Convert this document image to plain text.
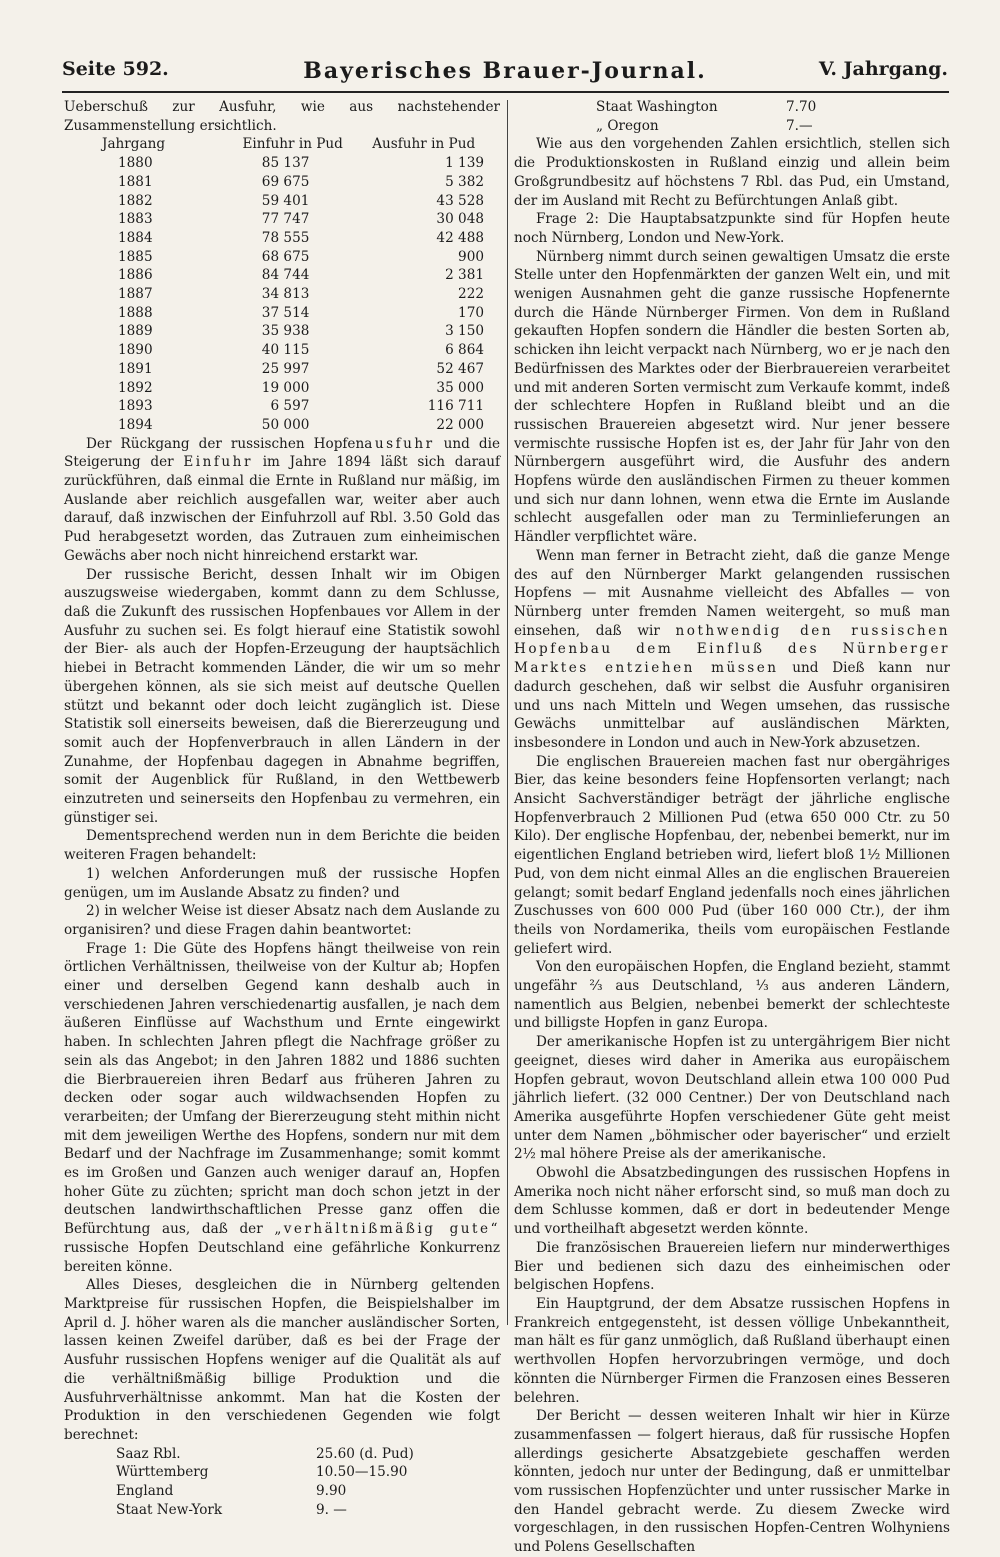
Seite 592.	Bayerisches Brauer-Journal.	V. Jahrgang.

Ueberschuß zur Ausfuhr, wie aus nachstehender Zusammenstellung ersichtlich.

Jahrgang	Einfuhr in Pud	Ausfuhr in Pud
1880	85 137	1 139
1881	69 675	5 382
1882	59 401	43 528
1883	77 747	30 048
1884	78 555	42 488
1885	68 675	900
1886	84 744	2 381
1887	34 813	222
1888	37 514	170
1889	35 938	3 150
1890	40 115	6 864
1891	25 997	52 467
1892	19 000	35 000
1893	6 597	116 711
1894	50 000	22 000

Der Rückgang der russischen Hopfenausfuhr und die Steigerung der Einfuhr im Jahre 1894 läßt sich darauf zurückführen, daß einmal die Ernte in Rußland nur mäßig, im Auslande aber reichlich ausgefallen war, weiter aber auch darauf, daß inzwischen der Einfuhrzoll auf Rbl. 3.50 Gold das Pud herabgesetzt worden, das Zutrauen zum einheimischen Gewächs aber noch nicht hinreichend erstarkt war.

Der russische Bericht, dessen Inhalt wir im Obigen auszugsweise wiedergaben, kommt dann zu dem Schlusse, daß die Zukunft des russischen Hopfenbaues vor Allem in der Ausfuhr zu suchen sei. Es folgt hierauf eine Statistik sowohl der Bier- als auch der Hopfen-Erzeugung der hauptsächlich hiebei in Betracht kommenden Länder, die wir um so mehr übergehen können, als sie sich meist auf deutsche Quellen stützt und bekannt oder doch leicht zugänglich ist. Diese Statistik soll einerseits beweisen, daß die Biererzeugung und somit auch der Hopfenverbrauch in allen Ländern in der Zunahme, der Hopfenbau dagegen in Abnahme begriffen, somit der Augenblick für Rußland, in den Wettbewerb einzutreten und seinerseits den Hopfenbau zu vermehren, ein günstiger sei.

Dementsprechend werden nun in dem Berichte die beiden weiteren Fragen behandelt:

1) welchen Anforderungen muß der russische Hopfen genügen, um im Auslande Absatz zu finden? und

2) in welcher Weise ist dieser Absatz nach dem Auslande zu organisiren? und diese Fragen dahin beantwortet:

Frage 1: Die Güte des Hopfens hängt theilweise von rein örtlichen Verhältnissen, theilweise von der Kultur ab; Hopfen einer und derselben Gegend kann deshalb auch in verschiedenen Jahren verschiedenartig ausfallen, je nach dem äußeren Einflüsse auf Wachsthum und Ernte eingewirkt haben. In schlechten Jahren pflegt die Nachfrage größer zu sein als das Angebot; in den Jahren 1882 und 1886 suchten die Bierbrauereien ihren Bedarf aus früheren Jahren zu decken oder sogar auch wildwachsenden Hopfen zu verarbeiten; der Umfang der Biererzeugung steht mithin nicht mit dem jeweiligen Werthe des Hopfens, sondern nur mit dem Bedarf und der Nachfrage im Zusammenhange; somit kommt es im Großen und Ganzen auch weniger darauf an, Hopfen hoher Güte zu züchten; spricht man doch schon jetzt in der deutschen landwirthschaftlichen Presse ganz offen die Befürchtung aus, daß der „verhältnißmäßig gute“ russische Hopfen Deutschland eine gefährliche Konkurrenz bereiten könne.

Alles Dieses, desgleichen die in Nürnberg geltenden Marktpreise für russischen Hopfen, die Beispielshalber im April d. J. höher waren als die mancher ausländischer Sorten, lassen keinen Zweifel darüber, daß es bei der Frage der Ausfuhr russischen Hopfens weniger auf die Qualität als auf die verhältnißmäßig billige Produktion und die Ausfuhrverhältnisse ankommt. Man hat die Kosten der Produktion in den verschiedenen Gegenden wie folgt berechnet:

Saaz Rbl.	25.60 (d. Pud)
Württemberg	10.50—15.90
England	9.90
Staat New-York	9. —
Staat Washington	7.70
„ Oregon	7.—

Wie aus den vorgehenden Zahlen ersichtlich, stellen sich die Produktionskosten in Rußland einzig und allein beim Großgrundbesitz auf höchstens 7 Rbl. das Pud, ein Umstand, der im Ausland mit Recht zu Befürchtungen Anlaß gibt.

Frage 2: Die Hauptabsatzpunkte sind für Hopfen heute noch Nürnberg, London und New-York.

Nürnberg nimmt durch seinen gewaltigen Umsatz die erste Stelle unter den Hopfenmärkten der ganzen Welt ein, und mit wenigen Ausnahmen geht die ganze russische Hopfenernte durch die Hände Nürnberger Firmen. Von dem in Rußland gekauften Hopfen sondern die Händler die besten Sorten ab, schicken ihn leicht verpackt nach Nürnberg, wo er je nach den Bedürfnissen des Marktes oder der Bierbrauereien verarbeitet und mit anderen Sorten vermischt zum Verkaufe kommt, indeß der schlechtere Hopfen in Rußland bleibt und an die russischen Brauereien abgesetzt wird. Nur jener bessere vermischte russische Hopfen ist es, der Jahr für Jahr von den Nürnbergern ausgeführt wird, die Ausfuhr des andern Hopfens würde den ausländischen Firmen zu theuer kommen und sich nur dann lohnen, wenn etwa die Ernte im Auslande schlecht ausgefallen oder man zu Terminlieferungen an Händler verpflichtet wäre.

Wenn man ferner in Betracht zieht, daß die ganze Menge des auf den Nürnberger Markt gelangenden russischen Hopfens — mit Ausnahme vielleicht des Abfalles — von Nürnberg unter fremden Namen weitergeht, so muß man einsehen, daß wir nothwendig den russischen Hopfenbau dem Einfluß des Nürnberger Marktes entziehen müssen und Dieß kann nur dadurch geschehen, daß wir selbst die Ausfuhr organisiren und uns nach Mitteln und Wegen umsehen, das russische Gewächs unmittelbar auf ausländischen Märkten, insbesondere in London und auch in New-York abzusetzen.

Die englischen Brauereien machen fast nur obergähriges Bier, das keine besonders feine Hopfensorten verlangt; nach Ansicht Sachverständiger beträgt der jährliche englische Hopfenverbrauch 2 Millionen Pud (etwa 650 000 Ctr. zu 50 Kilo). Der englische Hopfenbau, der, nebenbei bemerkt, nur im eigentlichen England betrieben wird, liefert bloß 1½ Millionen Pud, von dem nicht einmal Alles an die englischen Brauereien gelangt; somit bedarf England jedenfalls noch eines jährlichen Zuschusses von 600 000 Pud (über 160 000 Ctr.), der ihm theils von Nordamerika, theils vom europäischen Festlande geliefert wird.

Von den europäischen Hopfen, die England bezieht, stammt ungefähr ⅔ aus Deutschland, ⅓ aus anderen Ländern, namentlich aus Belgien, nebenbei bemerkt der schlechteste und billigste Hopfen in ganz Europa.

Der amerikanische Hopfen ist zu untergährigem Bier nicht geeignet, dieses wird daher in Amerika aus europäischem Hopfen gebraut, wovon Deutschland allein etwa 100 000 Pud jährlich liefert. (32 000 Centner.) Der von Deutschland nach Amerika ausgeführte Hopfen verschiedener Güte geht meist unter dem Namen „böhmischer oder bayerischer“ und erzielt 2½ mal höhere Preise als der amerikanische.

Obwohl die Absatzbedingungen des russischen Hopfens in Amerika noch nicht näher erforscht sind, so muß man doch zu dem Schlusse kommen, daß er dort in bedeutender Menge und vortheilhaft abgesetzt werden könnte.

Die französischen Brauereien liefern nur minderwerthiges Bier und bedienen sich dazu des einheimischen oder belgischen Hopfens.

Ein Hauptgrund, der dem Absatze russischen Hopfens in Frankreich entgegensteht, ist dessen völlige Unbekanntheit, man hält es für ganz unmöglich, daß Rußland überhaupt einen werthvollen Hopfen hervorzubringen vermöge, und doch könnten die Nürnberger Firmen die Franzosen eines Besseren belehren.

Der Bericht — dessen weiteren Inhalt wir hier in Kürze zusammenfassen — folgert hieraus, daß für russische Hopfen allerdings gesicherte Absatzgebiete geschaffen werden könnten, jedoch nur unter der Bedingung, daß er unmittelbar vom russischen Hopfenzüchter und unter russischer Marke in den Handel gebracht werde. Zu diesem Zwecke wird vorgeschlagen, in den russischen Hopfen-Centren Wolhyniens und Polens Gesellschaften
